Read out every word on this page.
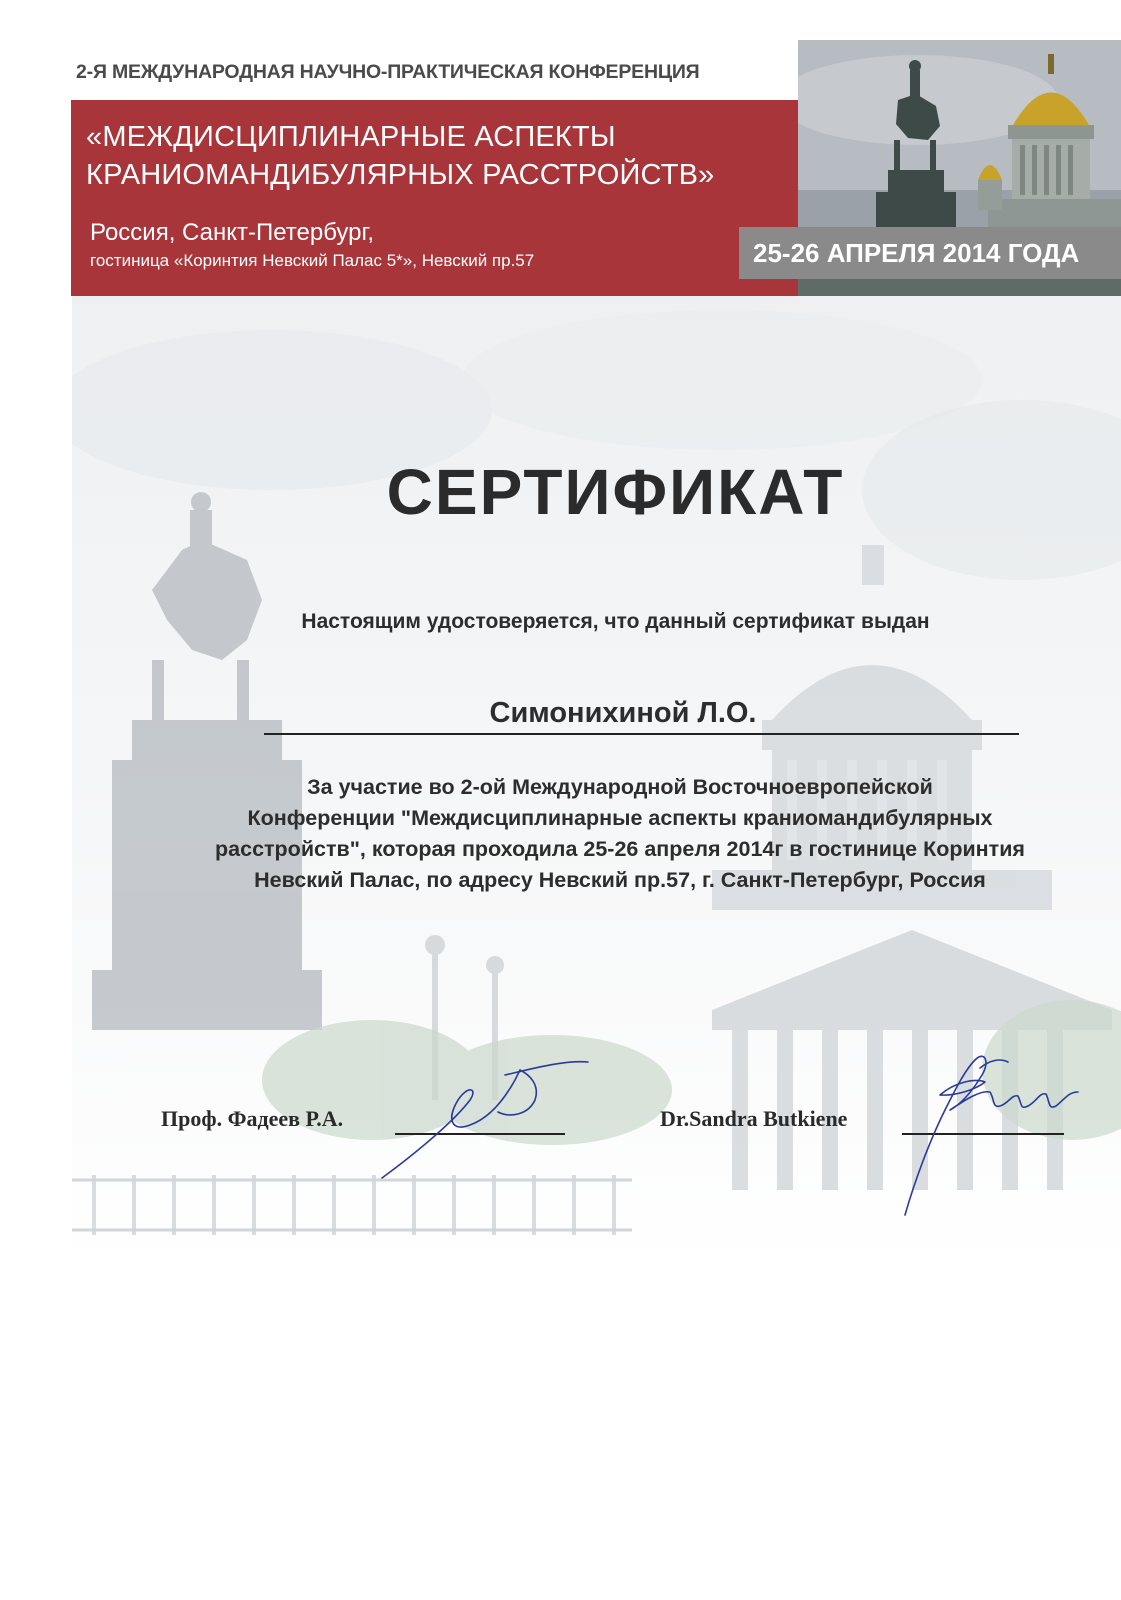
2-Я МЕЖДУНАРОДНАЯ НАУЧНО-ПРАКТИЧЕСКАЯ КОНФЕРЕНЦИЯ
«МЕЖДИСЦИПЛИНАРНЫЕ АСПЕКТЫ
КРАНИОМАНДИБУЛЯРНЫХ РАССТРОЙСТВ»
Россия, Санкт-Петербург,
гостиница «Коринтия Невский Палас 5*», Невский пр.57	25-26 АПРЕЛЯ 2014 ГОДА
СЕРТИФИКАТ
Настоящим удостоверяется, что данный сертификат выдан
Симонихиной Л.О.
За участие во 2-ой Международной Восточноевропейской
Конференции "Междисциплинарные аспекты краниомандибулярных
расстройств", которая проходила 25-26 апреля 2014г в гостинице Коринтия
Невский Палас, по адресу Невский пр.57, г. Санкт-Петербург, Россия
Проф. Фадеев Р.А.	Dr.Sandra Butkiene
